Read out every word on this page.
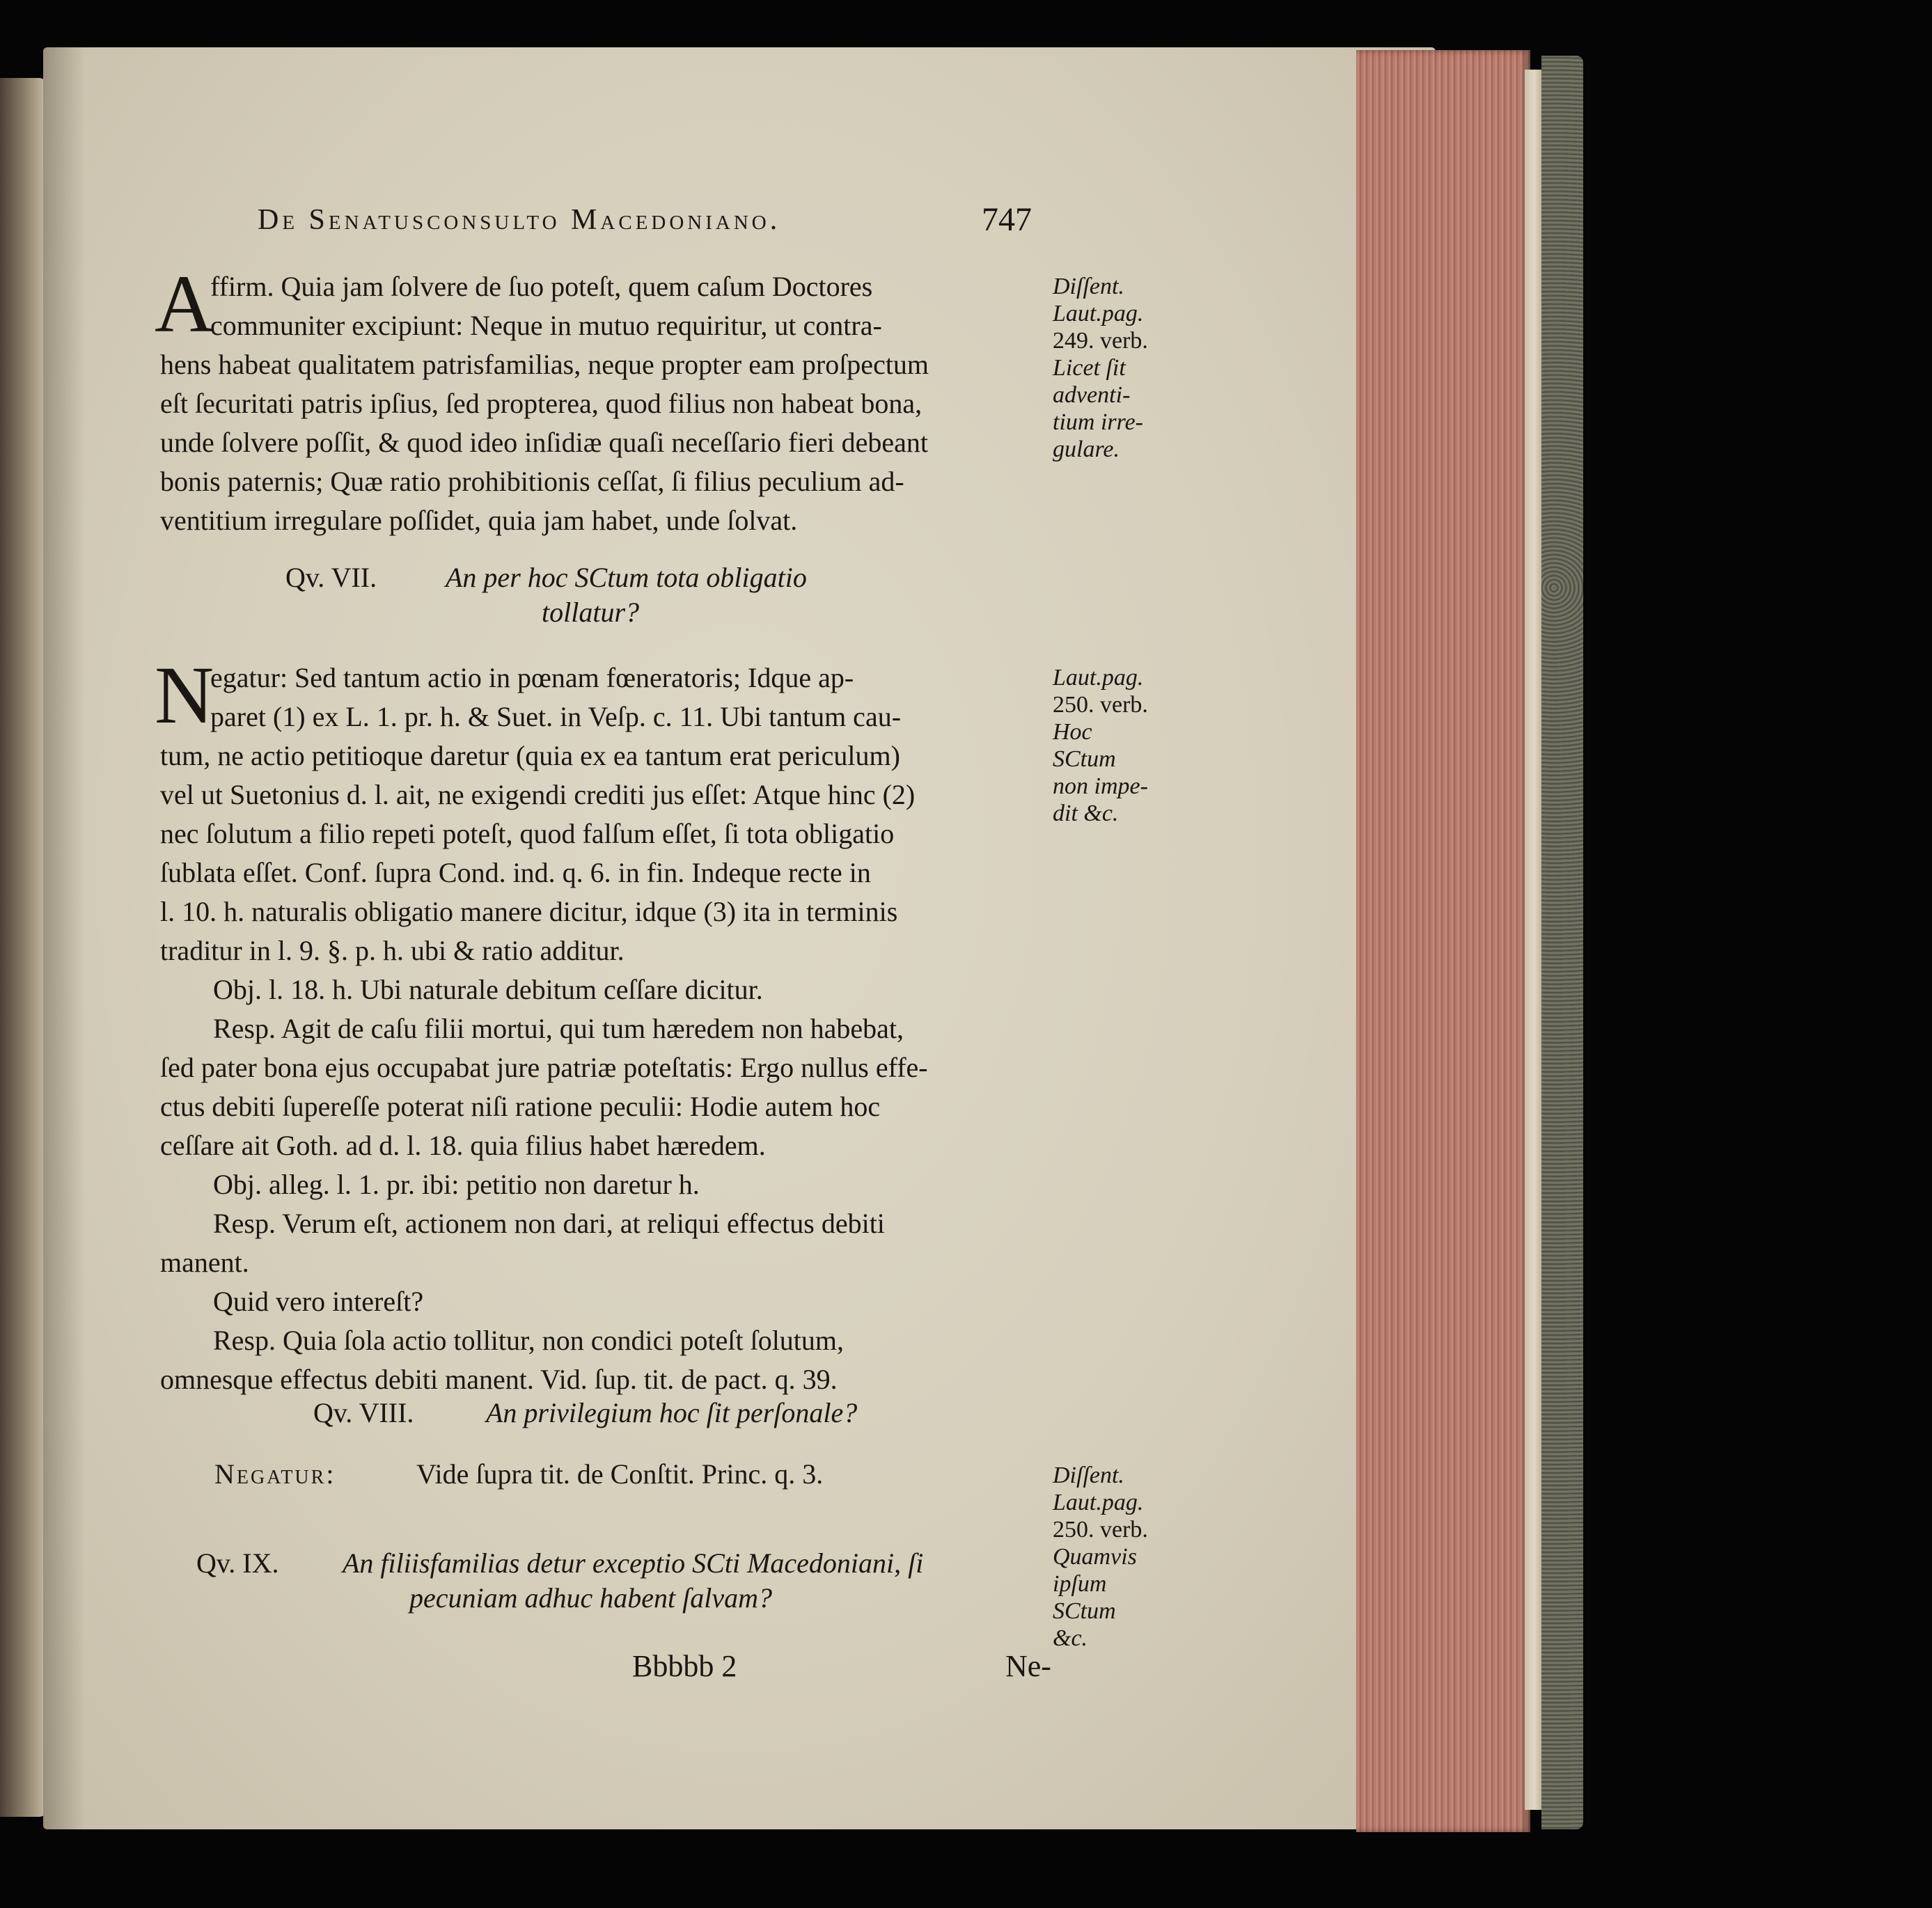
De Senatusconsulto Macedoniano.	747
A
ffirm. Quia jam ſolvere de ſuo poteſt, quem caſum Doctores
communiter excipiunt: Neque in mutuo requiritur, ut contra-
hens habeat qualitatem patrisfamilias, neque propter eam proſpectum
eſt ſecuritati patris ipſius, ſed propterea, quod filius non habeat bona,
unde ſolvere poſſit, & quod ideo inſidiæ quaſi neceſſario fieri debeant
bonis paternis; Quæ ratio prohibitionis ceſſat, ſi filius peculium ad-
ventitium irregulare poſſidet, quia jam habet, unde ſolvat.
Diſſent.
Laut.pag.
249. verb.
Licet ſit
adventi-
tium irre-
gulare.
Qv. VII. An per hoc SCtum tota obligatio
tollatur?
N
egatur: Sed tantum actio in pœnam fœneratoris; Idque ap-
paret (1) ex L. 1. pr. h. & Suet. in Veſp. c. 11. Ubi tantum cau-
tum, ne actio petitioque daretur (quia ex ea tantum erat periculum)
vel ut Suetonius d. l. ait, ne exigendi crediti jus eſſet: Atque hinc (2)
nec ſolutum a filio repeti poteſt, quod falſum eſſet, ſi tota obligatio
ſublata eſſet. Conf. ſupra Cond. ind. q. 6. in fin. Indeque recte in
l. 10. h. naturalis obligatio manere dicitur, idque (3) ita in terminis
traditur in l. 9. §. p. h. ubi & ratio additur.
Obj. l. 18. h. Ubi naturale debitum ceſſare dicitur.
Resp. Agit de caſu filii mortui, qui tum hæredem non habebat,
ſed pater bona ejus occupabat jure patriæ poteſtatis: Ergo nullus effe-
ctus debiti ſupereſſe poterat niſi ratione peculii: Hodie autem hoc
ceſſare ait Goth. ad d. l. 18. quia filius habet hæredem.
Obj. alleg. l. 1. pr. ibi: petitio non daretur h.
Resp. Verum eſt, actionem non dari, at reliqui effectus debiti
manent.
Quid vero intereſt?
Resp. Quia ſola actio tollitur, non condici poteſt ſolutum,
omnesque effectus debiti manent. Vid. ſup. tit. de pact. q. 39.
Laut.pag.
250. verb.
Hoc
SCtum
non impe-
dit &c.
Qv. VIII.	An privilegium hoc ſit perſonale?
Negatur:	Vide ſupra tit. de Conſtit. Princ. q. 3.	Diſſent.
Laut.pag.
250. verb.
Quamvis
ipſum
SCtum
&c.
Qv. IX. An filiisfamilias detur exceptio SCti Macedoniani, ſi
pecuniam adhuc habent ſalvam?
Bbbbb 2	Ne-
